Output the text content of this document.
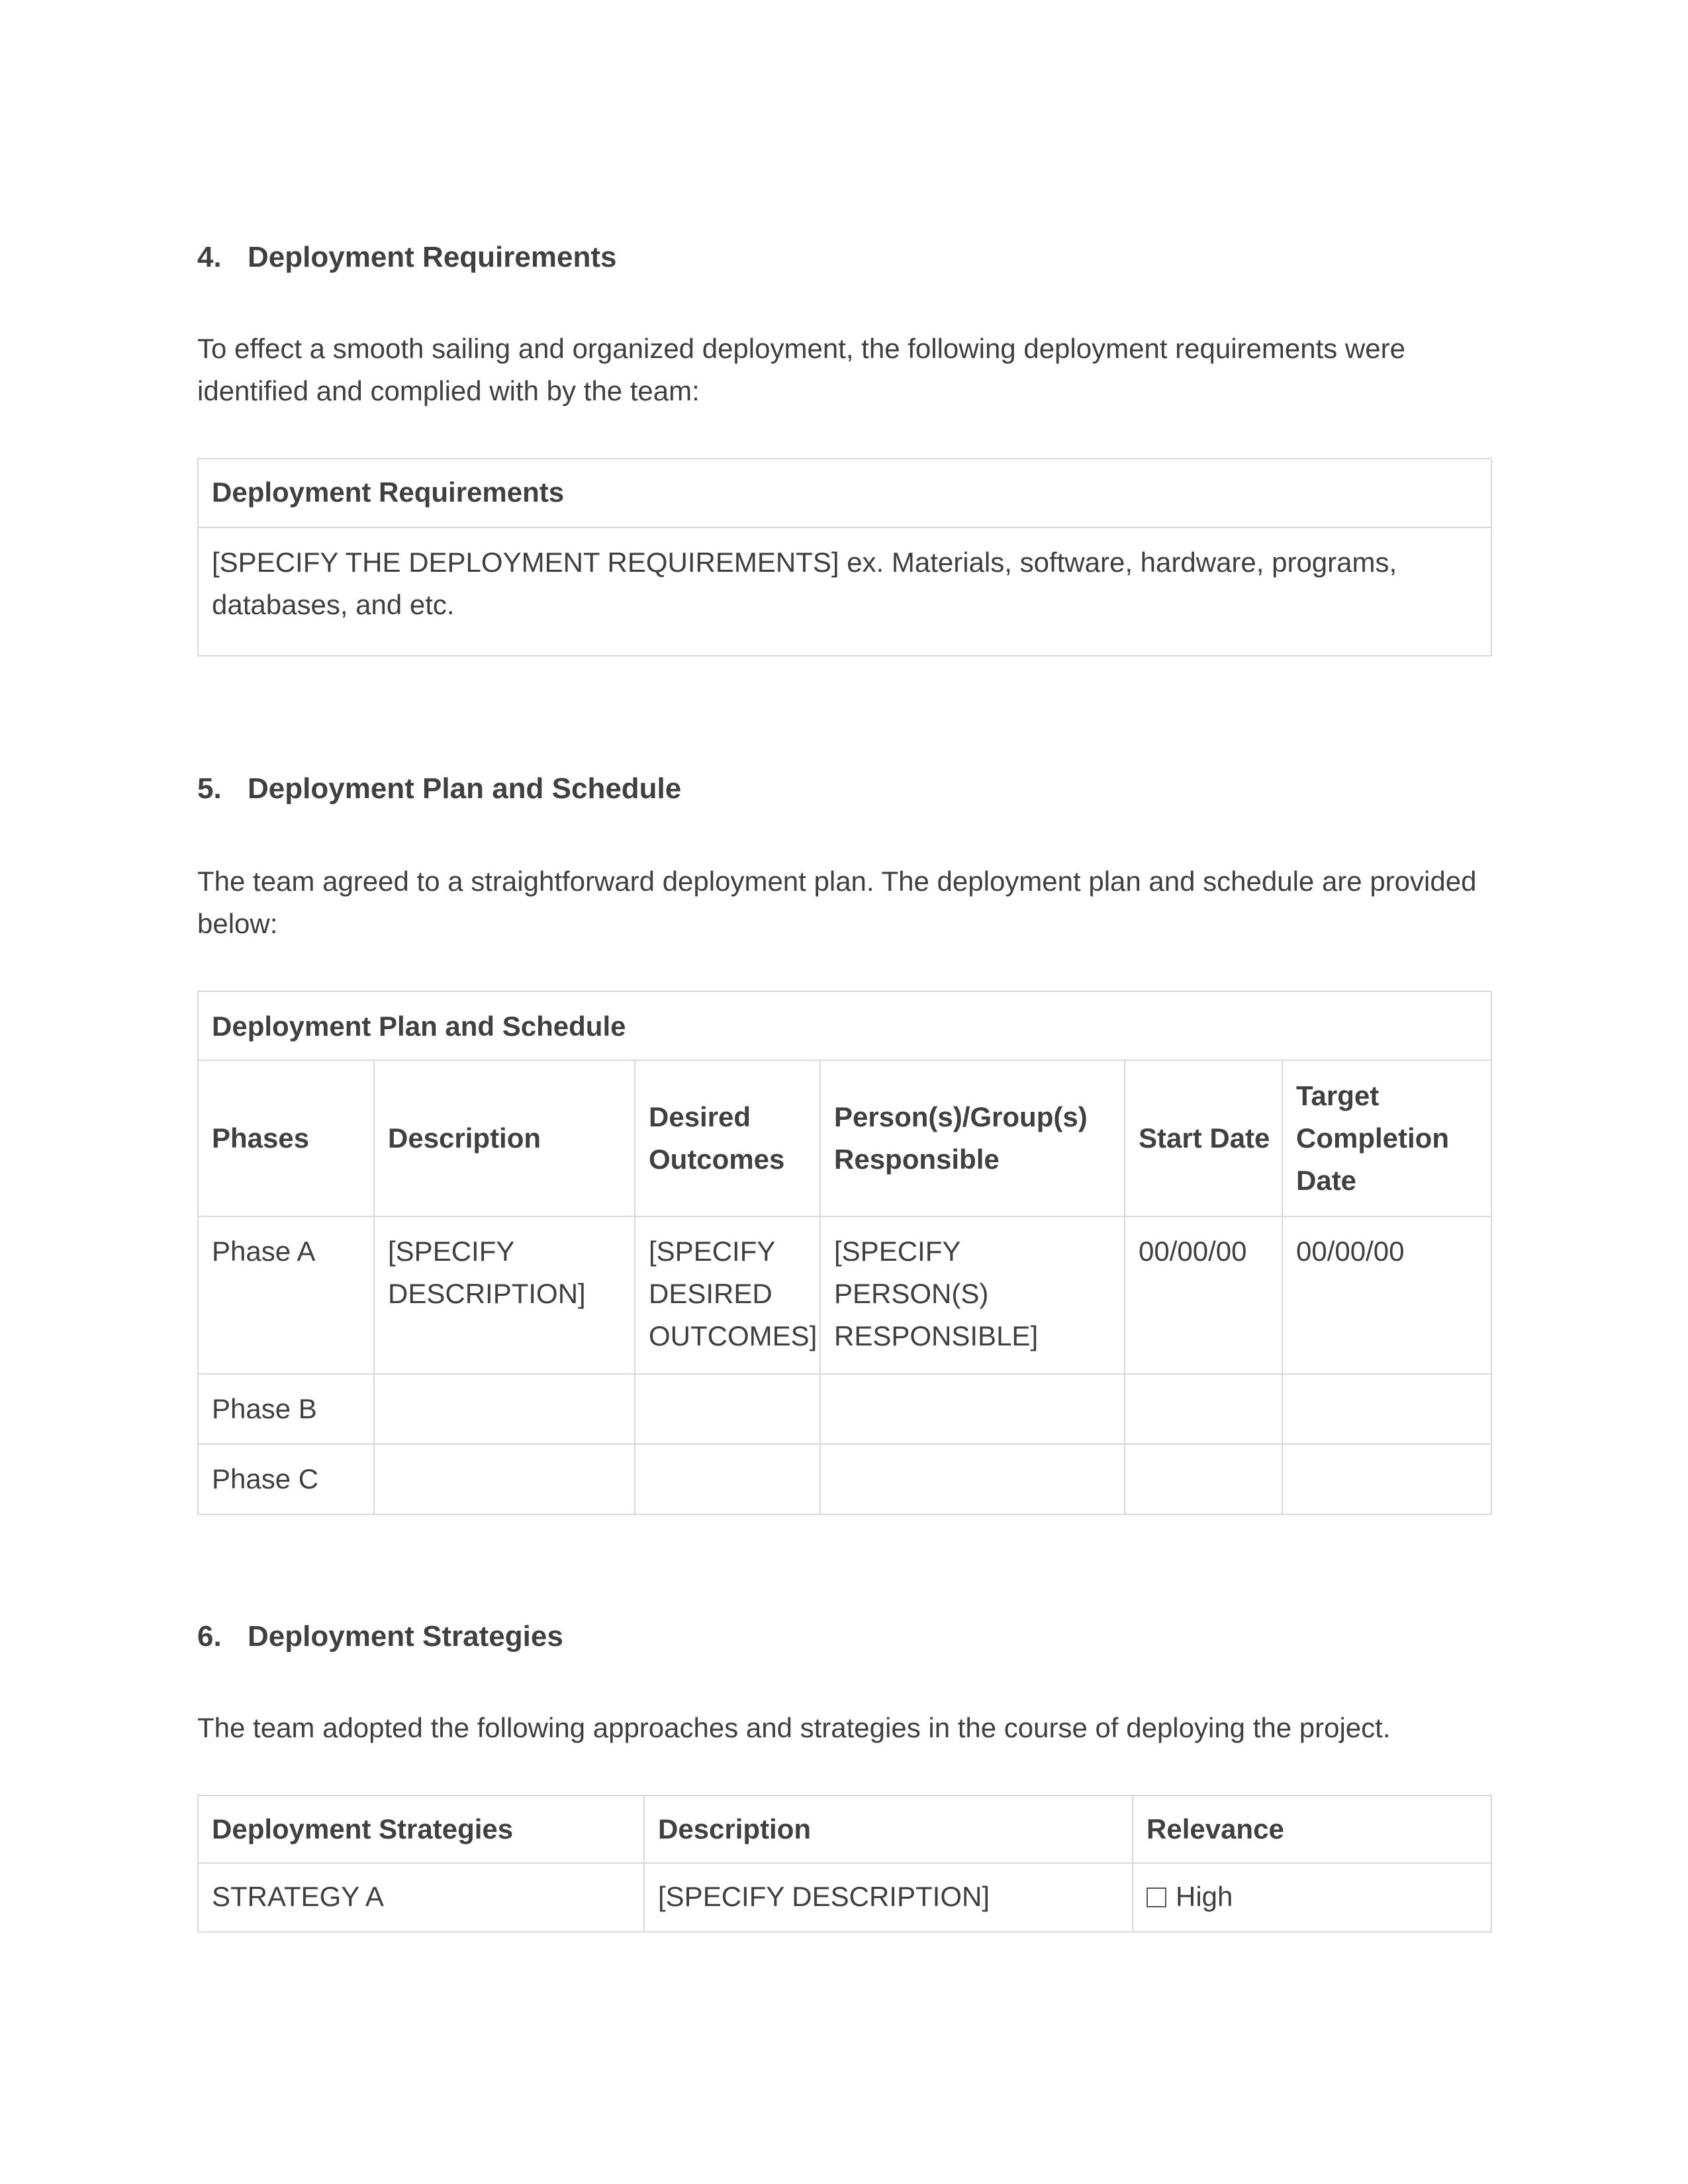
4. Deployment Requirements

To effect a smooth sailing and organized deployment, the following deployment requirements were identified and complied with by the team:

Deployment Requirements
[SPECIFY THE DEPLOYMENT REQUIREMENTS] ex. Materials, software, hardware, programs, databases, and etc.
5. Deployment Plan and Schedule

The team agreed to a straightforward deployment plan. The deployment plan and schedule are provided below:

Deployment Plan and Schedule					
Phases	Description	Desired Outcomes	Person(s)/Group(s) Responsible	Start Date	Target Completion Date
Phase A	[SPECIFY DESCRIPTION]	[SPECIFY DESIRED OUTCOMES]	[SPECIFY PERSON(S) RESPONSIBLE]	00/00/00	00/00/00
Phase B					
Phase C					
6. Deployment Strategies

The team adopted the following approaches and strategies in the course of deploying the project.

Deployment Strategies	Description	Relevance
STRATEGY A	[SPECIFY DESCRIPTION]	High
